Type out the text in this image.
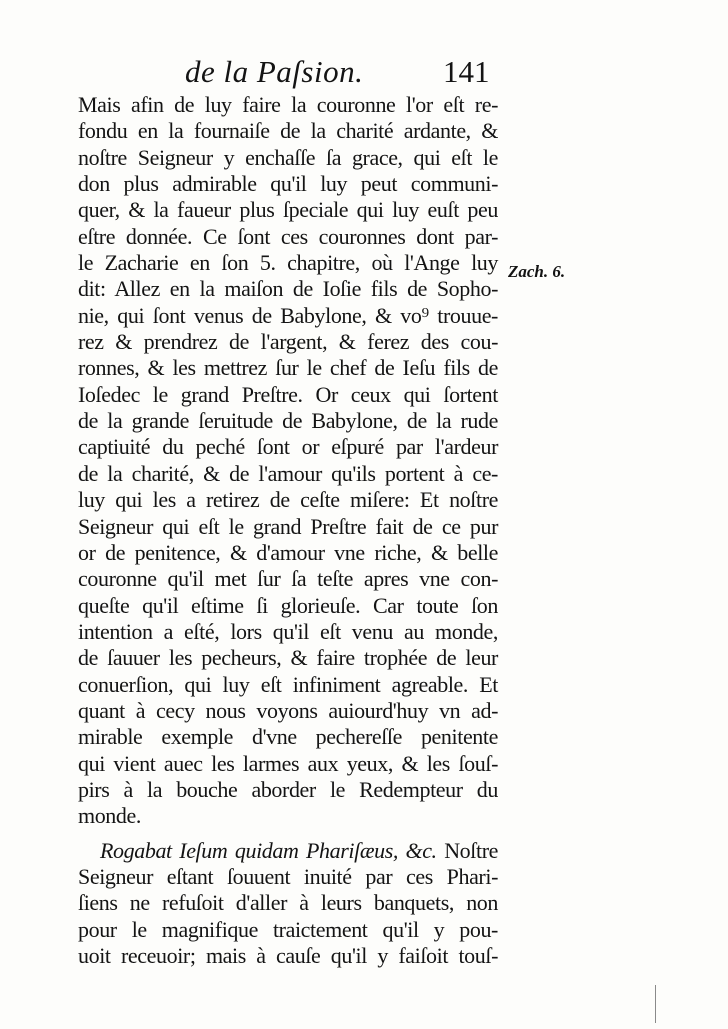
de la Paſsion.	141
Zach. 6.
Mais afin de luy faire la couronne l'or eſt re-
fondu en la fournaiſe de la charité ardante, &
noſtre Seigneur y enchaſſe ſa grace, qui eſt le
don plus admirable qu'il luy peut communi-
quer, & la faueur plus ſpeciale qui luy euſt peu
eſtre donnée. Ce ſont ces couronnes dont par-
le Zacharie en ſon 5. chapitre, où l'Ange luy
dit: Allez en la maiſon de Ioſie fils de Sopho-
nie, qui ſont venus de Babylone, & vo⁹ trouue-
rez & prendrez de l'argent, & ferez des cou-
ronnes, & les mettrez ſur le chef de Ieſu fils de
Ioſedec le grand Preſtre. Or ceux qui ſortent
de la grande ſeruitude de Babylone, de la rude
captiuité du peché ſont or eſpuré par l'ardeur
de la charité, & de l'amour qu'ils portent à ce-
luy qui les a retirez de ceſte miſere: Et noſtre
Seigneur qui eſt le grand Preſtre fait de ce pur
or de penitence, & d'amour vne riche, & belle
couronne qu'il met ſur ſa teſte apres vne con-
queſte qu'il eſtime ſi glorieuſe. Car toute ſon
intention a eſté, lors qu'il eſt venu au monde,
de ſauuer les pecheurs, & faire trophée de leur
conuerſion, qui luy eſt infiniment agreable. Et
quant à cecy nous voyons auiourd'huy vn ad-
mirable exemple d'vne pechereſſe penitente
qui vient auec les larmes aux yeux, & les ſouſ-
pirs à la bouche aborder le Redempteur du
monde.
Rogabat Ieſum quidam Phariſæus, &c. Noſtre
Seigneur eſtant ſouuent inuité par ces Phari-
ſiens ne refuſoit d'aller à leurs banquets, non
pour le magnifique traictement qu'il y pou-
uoit receuoir; mais à cauſe qu'il y faiſoit touſ-
